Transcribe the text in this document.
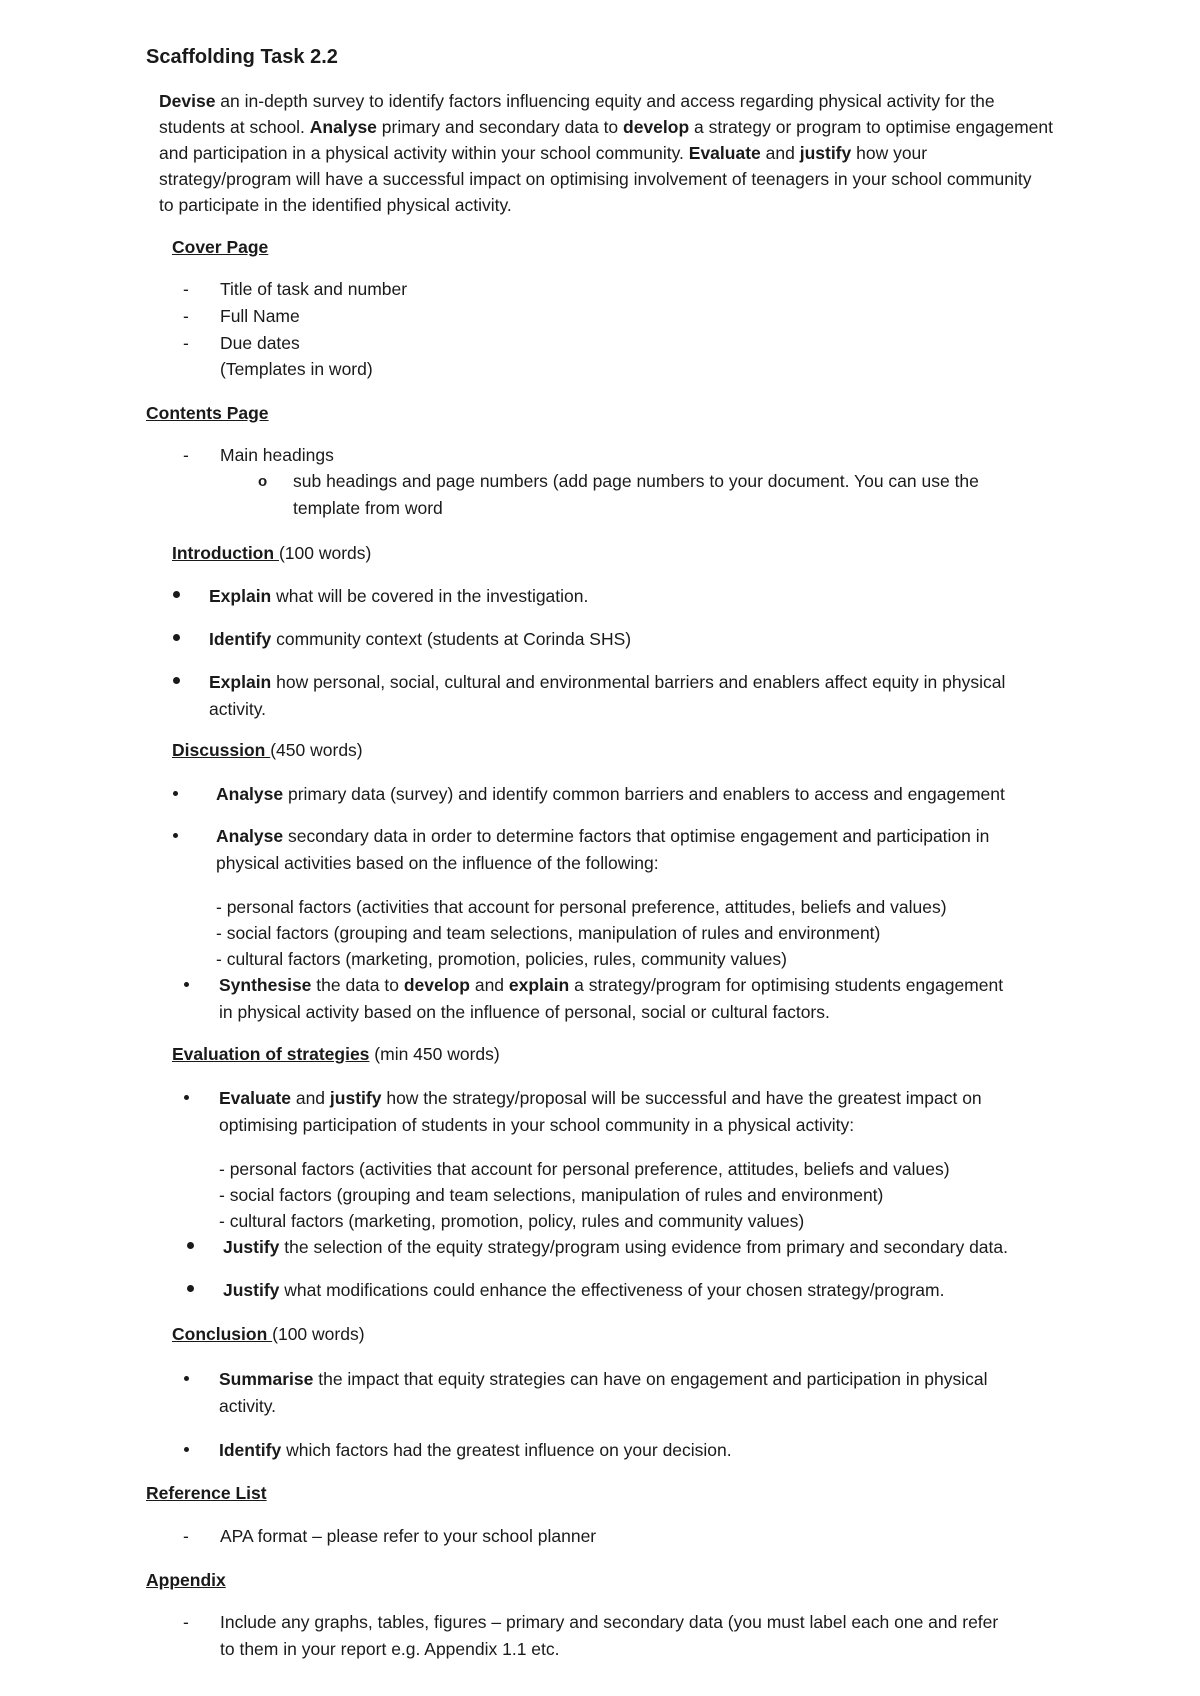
Scaffolding Task 2.2
Devise an in-depth survey to identify factors influencing equity and access regarding physical activity for the
students at school. Analyse primary and secondary data to develop a strategy or program to optimise engagement
and participation in a physical activity within your school community. Evaluate and justify how your
strategy/program will have a successful impact on optimising involvement of teenagers in your school community
to participate in the identified physical activity.
Cover Page
- Title of task and number
- Full Name
- Due dates
(Templates in word)
Contents Page
- Main headings
o sub headings and page numbers (add page numbers to your document. You can use the
template from word
Introduction (100 words)
Explain what will be covered in the investigation.
Identify community context (students at Corinda SHS)
Explain how personal, social, cultural and environmental barriers and enablers affect equity in physical
activity.
Discussion (450 words)
Analyse primary data (survey) and identify common barriers and enablers to access and engagement
Analyse secondary data in order to determine factors that optimise engagement and participation in
physical activities based on the influence of the following:
- personal factors (activities that account for personal preference, attitudes, beliefs and values)
- social factors (grouping and team selections, manipulation of rules and environment)
- cultural factors (marketing, promotion, policies, rules, community values)
Synthesise the data to develop and explain a strategy/program for optimising students engagement
in physical activity based on the influence of personal, social or cultural factors.
Evaluation of strategies (min 450 words)
Evaluate and justify how the strategy/proposal will be successful and have the greatest impact on
optimising participation of students in your school community in a physical activity:
- personal factors (activities that account for personal preference, attitudes, beliefs and values)
- social factors (grouping and team selections, manipulation of rules and environment)
- cultural factors (marketing, promotion, policy, rules and community values)
Justify the selection of the equity strategy/program using evidence from primary and secondary data.
Justify what modifications could enhance the effectiveness of your chosen strategy/program.
Conclusion (100 words)
Summarise the impact that equity strategies can have on engagement and participation in physical
activity.
Identify which factors had the greatest influence on your decision.
Reference List
- APA format – please refer to your school planner
Appendix
- Include any graphs, tables, figures – primary and secondary data (you must label each one and refer
to them in your report e.g. Appendix 1.1 etc.
